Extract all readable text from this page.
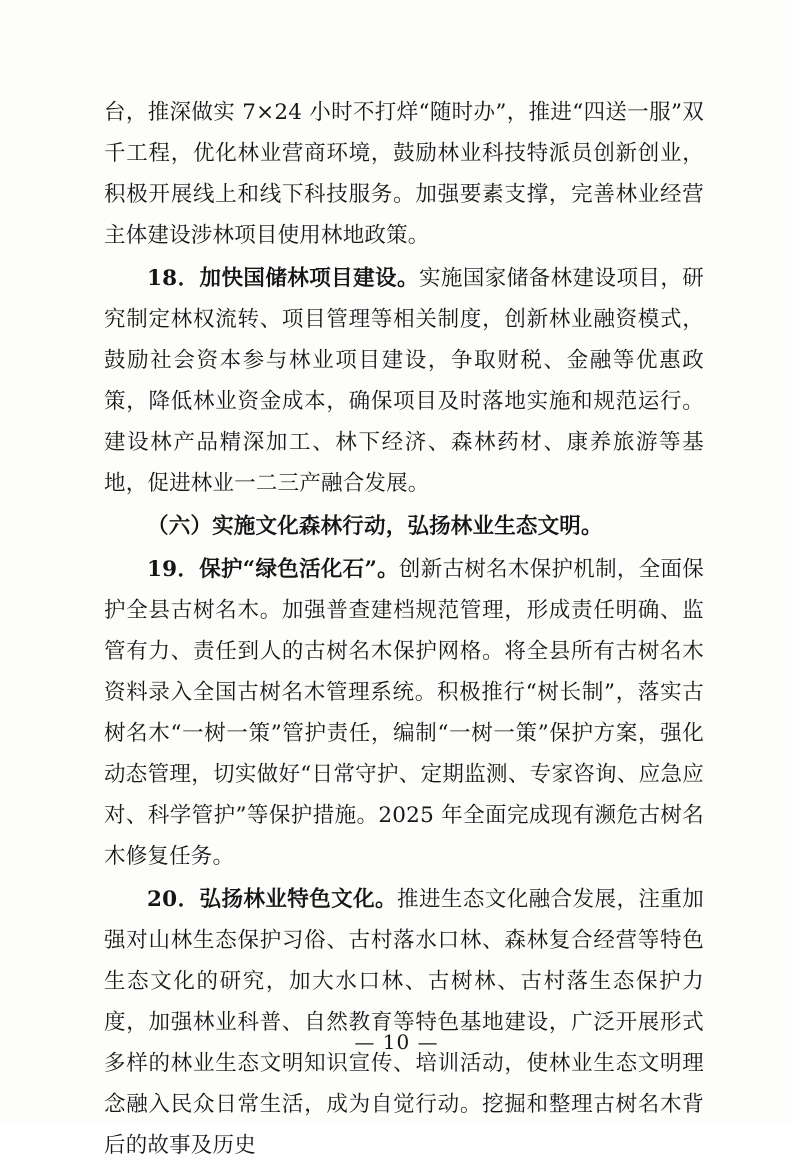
台，推深做实 7×24 小时不打烊“随时办”，推进“四送一服”双千工程，优化林业营商环境，鼓励林业科技特派员创新创业，积极开展线上和线下科技服务。加强要素支撑，完善林业经营主体建设涉林项目使用林地政策。

18．加快国储林项目建设。实施国家储备林建设项目，研究制定林权流转、项目管理等相关制度，创新林业融资模式，鼓励社会资本参与林业项目建设，争取财税、金融等优惠政策，降低林业资金成本，确保项目及时落地实施和规范运行。建设林产品精深加工、林下经济、森林药材、康养旅游等基地，促进林业一二三产融合发展。

（六）实施文化森林行动，弘扬林业生态文明。

19．保护“绿色活化石”。创新古树名木保护机制，全面保护全县古树名木。加强普查建档规范管理，形成责任明确、监管有力、责任到人的古树名木保护网格。将全县所有古树名木资料录入全国古树名木管理系统。积极推行“树长制”，落实古树名木“一树一策”管护责任，编制“一树一策”保护方案，强化动态管理，切实做好“日常守护、定期监测、专家咨询、应急应对、科学管护”等保护措施。2025 年全面完成现有濒危古树名木修复任务。

20．弘扬林业特色文化。推进生态文化融合发展，注重加强对山林生态保护习俗、古村落水口林、森林复合经营等特色生态文化的研究，加大水口林、古树林、古村落生态保护力度，加强林业科普、自然教育等特色基地建设，广泛开展形式多样的林业生态文明知识宣传、培训活动，使林业生态文明理念融入民众日常生活，成为自觉行动。挖掘和整理古树名木背后的故事及历史

— 10 —
